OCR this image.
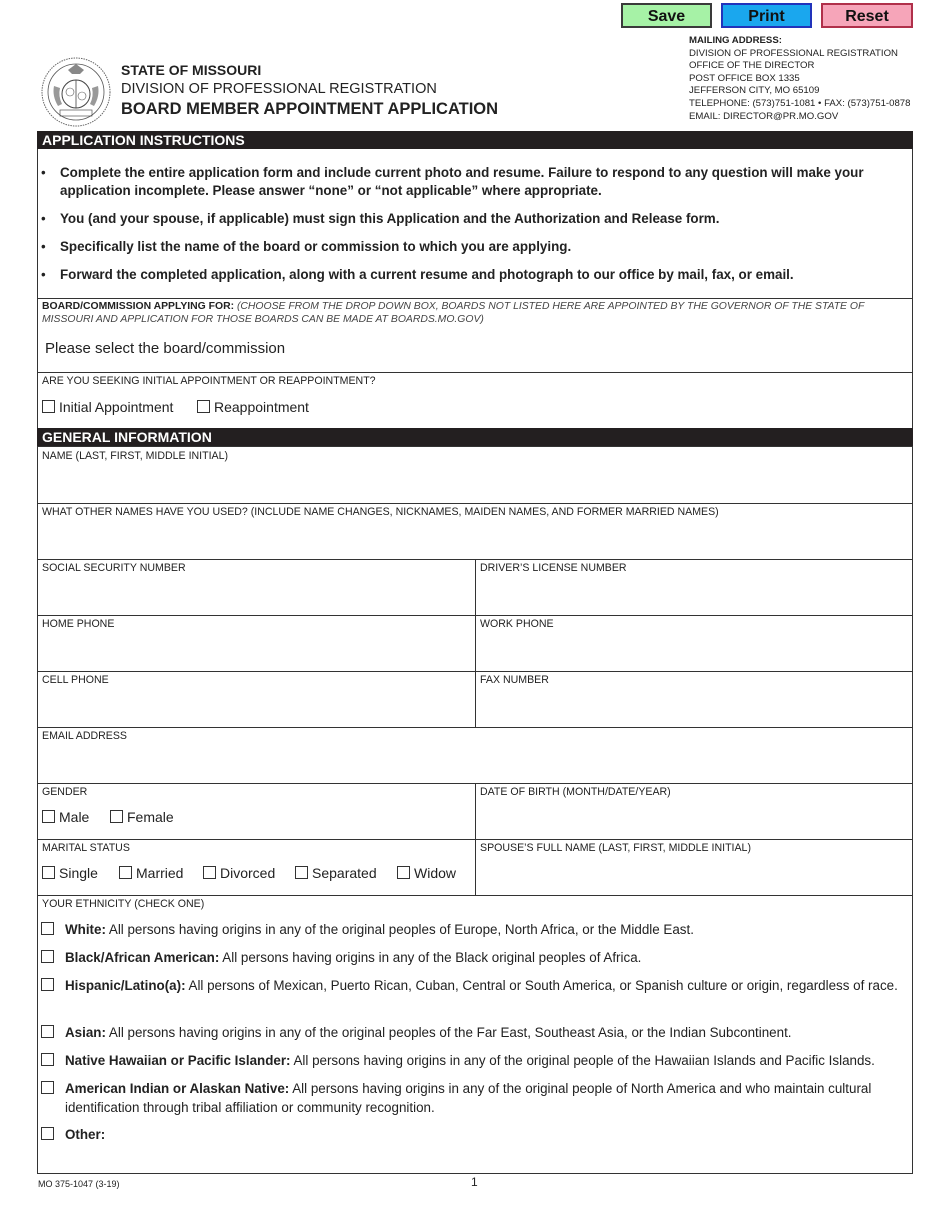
Save	Print	Reset
STATE OF MISSOURI
DIVISION OF PROFESSIONAL REGISTRATION
BOARD MEMBER APPOINTMENT APPLICATION
MAILING ADDRESS:
DIVISION OF PROFESSIONAL REGISTRATION
OFFICE OF THE DIRECTOR
POST OFFICE BOX 1335
JEFFERSON CITY, MO 65109
TELEPHONE: (573)751-1081 • FAX: (573)751-0878
EMAIL: DIRECTOR@PR.MO.GOV
APPLICATION INSTRUCTIONS
• Complete the entire application form and include current photo and resume. Failure to respond to any question will make your application incomplete. Please answer “none” or “not applicable” where appropriate.
• You (and your spouse, if applicable) must sign this Application and the Authorization and Release form.
• Specifically list the name of the board or commission to which you are applying.
• Forward the completed application, along with a current resume and photograph to our office by mail, fax, or email.
BOARD/COMMISSION APPLYING FOR: (CHOOSE FROM THE DROP DOWN BOX, BOARDS NOT LISTED HERE ARE APPOINTED BY THE GOVERNOR OF THE STATE OF MISSOURI AND APPLICATION FOR THOSE BOARDS CAN BE MADE AT BOARDS.MO.GOV)
Please select the board/commission
ARE YOU SEEKING INITIAL APPOINTMENT OR REAPPOINTMENT?
Initial Appointment	Reappointment
GENERAL INFORMATION
NAME (LAST, FIRST, MIDDLE INITIAL)
WHAT OTHER NAMES HAVE YOU USED? (INCLUDE NAME CHANGES, NICKNAMES, MAIDEN NAMES, AND FORMER MARRIED NAMES)
SOCIAL SECURITY NUMBER	DRIVER’S LICENSE NUMBER
HOME PHONE	WORK PHONE
CELL PHONE	FAX NUMBER
EMAIL ADDRESS
GENDER
Male	Female
DATE OF BIRTH (MONTH/DATE/YEAR)
MARITAL STATUS
Single	Married	Divorced	Separated	Widow
SPOUSE’S FULL NAME (LAST, FIRST, MIDDLE INITIAL)
YOUR ETHNICITY (CHECK ONE)
White: All persons having origins in any of the original peoples of Europe, North Africa, or the Middle East.
Black/African American: All persons having origins in any of the Black original peoples of Africa.
Hispanic/Latino(a): All persons of Mexican, Puerto Rican, Cuban, Central or South America, or Spanish culture or origin, regardless of race.
Asian: All persons having origins in any of the original peoples of the Far East, Southeast Asia, or the Indian Subcontinent.
Native Hawaiian or Pacific Islander: All persons having origins in any of the original people of the Hawaiian Islands and Pacific Islands.
American Indian or Alaskan Native: All persons having origins in any of the original people of North America and who maintain cultural identification through tribal affiliation or community recognition.
Other:
MO 375-1047 (3-19)	1
